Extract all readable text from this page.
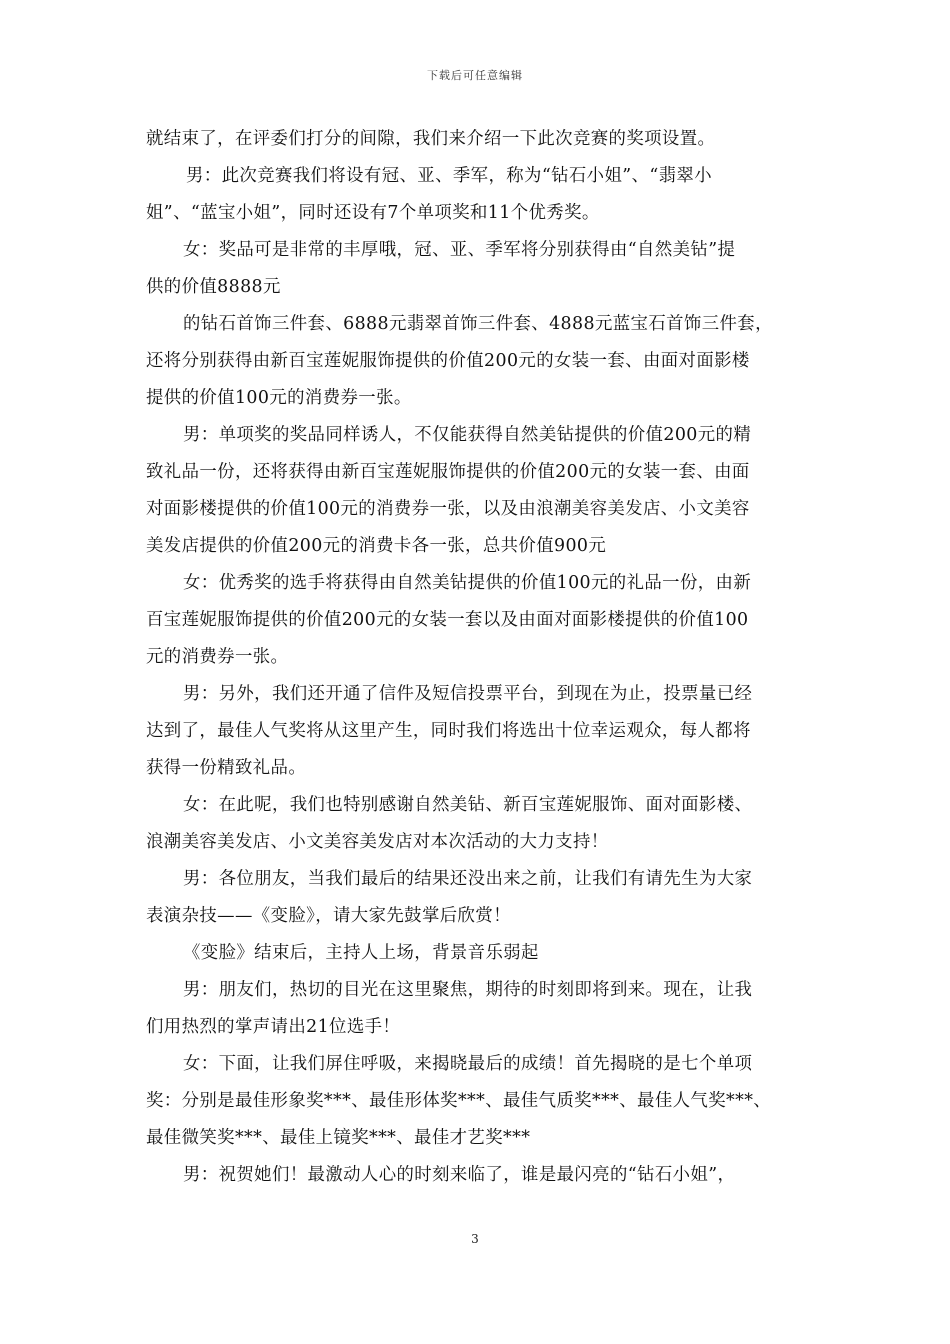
下载后可任意编辑

就结束了，在评委们打分的间隙，我们来介绍一下此次竞赛的奖项设置。

男：此次竞赛我们将设有冠、亚、季军，称为“钻石小姐”、“翡翠小
姐”、“蓝宝小姐”，同时还设有7个单项奖和11个优秀奖。

女：奖品可是非常的丰厚哦，冠、亚、季军将分别获得由“自然美钻”提
供的价值8888元

的钻石首饰三件套、6888元翡翠首饰三件套、4888元蓝宝石首饰三件套，
还将分别获得由新百宝莲妮服饰提供的价值200元的女装一套、由面对面影楼
提供的价值100元的消费券一张。

男：单项奖的奖品同样诱人，不仅能获得自然美钻提供的价值200元的精
致礼品一份，还将获得由新百宝莲妮服饰提供的价值200元的女装一套、由面
对面影楼提供的价值100元的消费券一张，以及由浪潮美容美发店、小文美容
美发店提供的价值200元的消费卡各一张，总共价值900元

女：优秀奖的选手将获得由自然美钻提供的价值100元的礼品一份，由新
百宝莲妮服饰提供的价值200元的女装一套以及由面对面影楼提供的价值100
元的消费券一张。

男：另外，我们还开通了信件及短信投票平台，到现在为止，投票量已经
达到了，最佳人气奖将从这里产生，同时我们将选出十位幸运观众，每人都将
获得一份精致礼品。

女：在此呢，我们也特别感谢自然美钻、新百宝莲妮服饰、面对面影楼、
浪潮美容美发店、小文美容美发店对本次活动的大力支持！

男：各位朋友，当我们最后的结果还没出来之前，让我们有请先生为大家
表演杂技——《变脸》，请大家先鼓掌后欣赏！

《变脸》结束后，主持人上场，背景音乐弱起

男：朋友们，热切的目光在这里聚焦，期待的时刻即将到来。现在，让我
们用热烈的掌声请出21位选手！

女：下面，让我们屏住呼吸，来揭晓最后的成绩！首先揭晓的是七个单项
奖：分别是最佳形象奖***、最佳形体奖***、最佳气质奖***、最佳人气奖***、
最佳微笑奖***、最佳上镜奖***、最佳才艺奖***

男：祝贺她们！最激动人心的时刻来临了，谁是最闪亮的“钻石小姐”，

3
